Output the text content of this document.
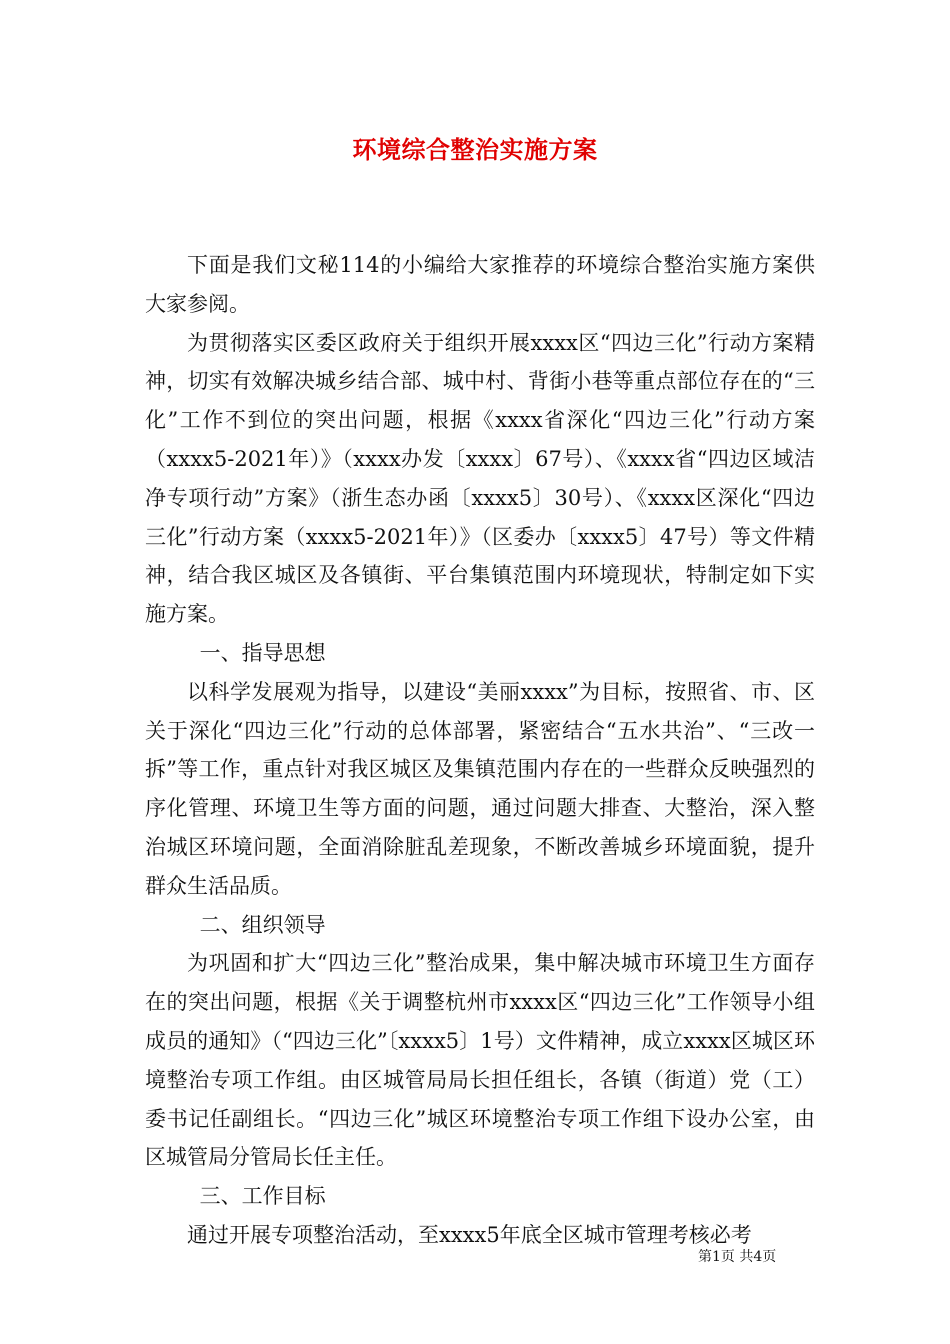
环境综合整治实施方案

下面是我们文秘114的小编给大家推荐的环境综合整治实施方案供大家参阅。

为贯彻落实区委区政府关于组织开展xxxx区“四边三化”行动方案精神，切实有效解决城乡结合部、城中村、背街小巷等重点部位存在的“三化”工作不到位的突出问题，根据《xxxx省深化“四边三化”行动方案（xxxx5-2021年）》（xxxx办发〔xxxx〕67号）、《xxxx省“四边区域洁净专项行动”方案》（浙生态办函〔xxxx5〕30号）、《xxxx区深化“四边三化”行动方案（xxxx5-2021年）》（区委办〔xxxx5〕47号）等文件精神，结合我区城区及各镇街、平台集镇范围内环境现状，特制定如下实施方案。

一、指导思想

以科学发展观为指导，以建设“美丽xxxx”为目标，按照省、市、区关于深化“四边三化”行动的总体部署，紧密结合“五水共治”、“三改一拆”等工作，重点针对我区城区及集镇范围内存在的一些群众反映强烈的序化管理、环境卫生等方面的问题，通过问题大排查、大整治，深入整治城区环境问题，全面消除脏乱差现象，不断改善城乡环境面貌，提升群众生活品质。

二、组织领导

为巩固和扩大“四边三化”整治成果，集中解决城市环境卫生方面存在的突出问题，根据《关于调整杭州市xxxx区“四边三化”工作领导小组成员的通知》（“四边三化”〔xxxx5〕1号）文件精神，成立xxxx区城区环境整治专项工作组。由区城管局局长担任组长，各镇（街道）党（工）委书记任副组长。“四边三化”城区环境整治专项工作组下设办公室，由区城管局分管局长任主任。

三、工作目标

通过开展专项整治活动，至xxxx5年底全区城市管理考核必考

第1页 共4页
